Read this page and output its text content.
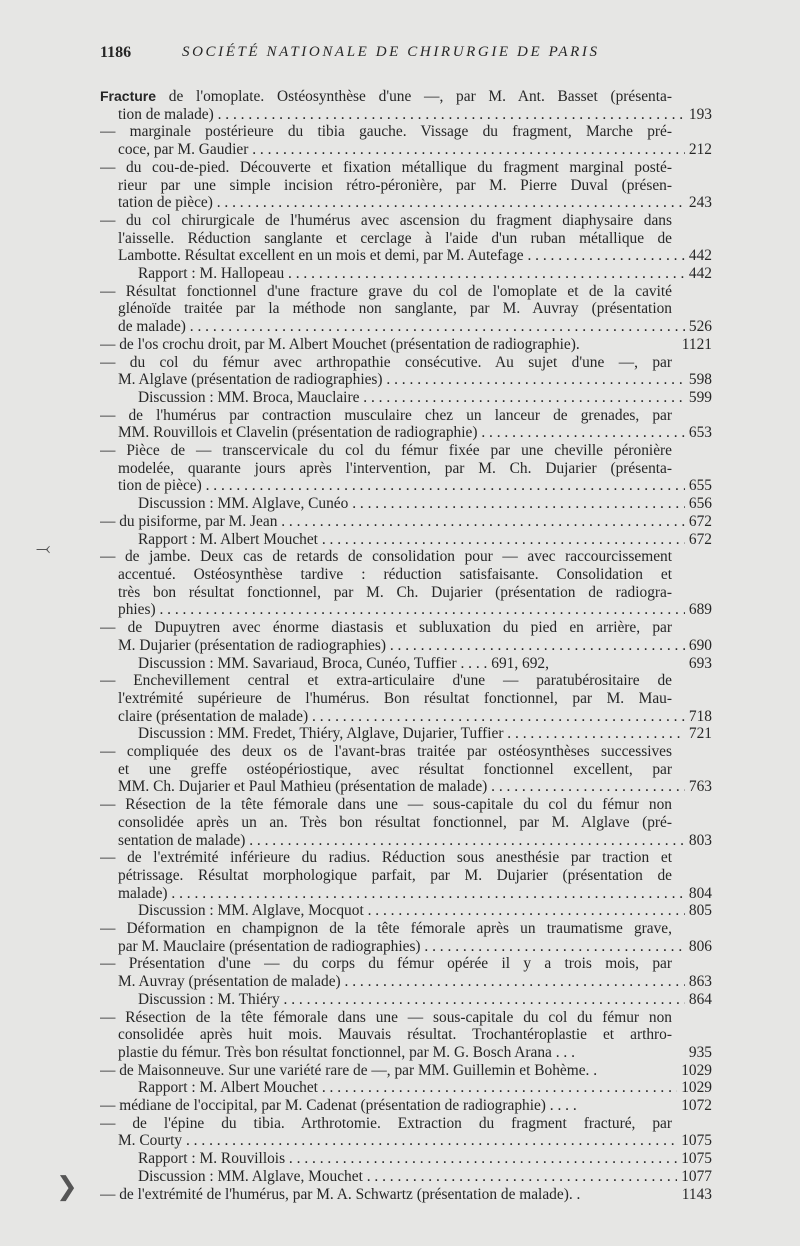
1186	SOCIÉTÉ NATIONALE DE CHIRURGIE DE PARIS
Fracture de l'omoplate. Ostéosynthèse d'une —, par M. Ant. Basset (présenta-
tion de malade)	193
. . .
— marginale postérieure du tibia gauche. Vissage du fragment, Marche pré-
coce, par M. Gaudier	212
. . .
— du cou-de-pied. Découverte et fixation métallique du fragment marginal posté-
rieur par une simple incision rétro-péronière, par M. Pierre Duval (présen-
tation de pièce)	243
. . .
— du col chirurgicale de l'humérus avec ascension du fragment diaphysaire dans
l'aisselle. Réduction sanglante et cerclage à l'aide d'un ruban métallique de
Lambotte. Résultat excellent en un mois et demi, par M. Autefage	442
. . .
Rapport : M. Hallopeau	442
. . .
— Résultat fonctionnel d'une fracture grave du col de l'omoplate et de la cavité
glénoïde traitée par la méthode non sanglante, par M. Auvray (présentation
de malade)	526
. . .
— de l'os crochu droit, par M. Albert Mouchet (présentation de radiographie).	1121
— du col du fémur avec arthropathie consécutive. Au sujet d'une —, par
M. Alglave (présentation de radiographies)	598
. . .
Discussion : MM. Broca, Mauclaire	599
. . .
— de l'humérus par contraction musculaire chez un lanceur de grenades, par
MM. Rouvillois et Clavelin (présentation de radiographie)	653
. . .
— Pièce de — transcervicale du col du fémur fixée par une cheville péronière
modelée, quarante jours après l'intervention, par M. Ch. Dujarier (présenta-
tion de pièce)	655
. . .
Discussion : MM. Alglave, Cunéo	656
. . .
— du pisiforme, par M. Jean	672
. . .
Rapport : M. Albert Mouchet	672
. . .
— de jambe. Deux cas de retards de consolidation pour — avec raccourcissement
accentué. Ostéosynthèse tardive : réduction satisfaisante. Consolidation et
très bon résultat fonctionnel, par M. Ch. Dujarier (présentation de radiogra-
phies)	689
. . .
— de Dupuytren avec énorme diastasis et subluxation du pied en arrière, par
M. Dujarier (présentation de radiographies)	690
. . .
Discussion : MM. Savariaud, Broca, Cunéo, Tuffier . . . . 691, 692,	693
— Enchevillement central et extra-articulaire d'une — paratubérositaire de
l'extrémité supérieure de l'humérus. Bon résultat fonctionnel, par M. Mau-
claire (présentation de malade)	718
. . .
Discussion : MM. Fredet, Thiéry, Alglave, Dujarier, Tuffier	721
. . .
— compliquée des deux os de l'avant-bras traitée par ostéosynthèses successives
et une greffe ostéopériostique, avec résultat fonctionnel excellent, par
MM. Ch. Dujarier et Paul Mathieu (présentation de malade)	763
. . .
— Résection de la tête fémorale dans une — sous-capitale du col du fémur non
consolidée après un an. Très bon résultat fonctionnel, par M. Alglave (pré-
sentation de malade)	803
. . .
— de l'extrémité inférieure du radius. Réduction sous anesthésie par traction et
pétrissage. Résultat morphologique parfait, par M. Dujarier (présentation de
malade)	804
. . .
Discussion : MM. Alglave, Mocquot	805
. . .
— Déformation en champignon de la tête fémorale après un traumatisme grave,
par M. Mauclaire (présentation de radiographies)	806
. . .
— Présentation d'une — du corps du fémur opérée il y a trois mois, par
M. Auvray (présentation de malade)	863
. . .
Discussion : M. Thiéry	864
. . .
— Résection de la tête fémorale dans une — sous-capitale du col du fémur non
consolidée après huit mois. Mauvais résultat. Trochantéroplastie et arthro-
plastie du fémur. Très bon résultat fonctionnel, par M. G. Bosch Arana . . .	935
— de Maisonneuve. Sur une variété rare de —, par MM. Guillemin et Bohème. .	1029
Rapport : M. Albert Mouchet	1029
. . .
— médiane de l'occipital, par M. Cadenat (présentation de radiographie) . . . .	1072
— de l'épine du tibia. Arthrotomie. Extraction du fragment fracturé, par
M. Courty	1075
. . .
Rapport : M. Rouvillois	1075
. . .
Discussion : MM. Alglave, Mouchet	1077
. . .
— de l'extrémité de l'humérus, par M. A. Schwartz (présentation de malade). .	1143
⤙
❯
